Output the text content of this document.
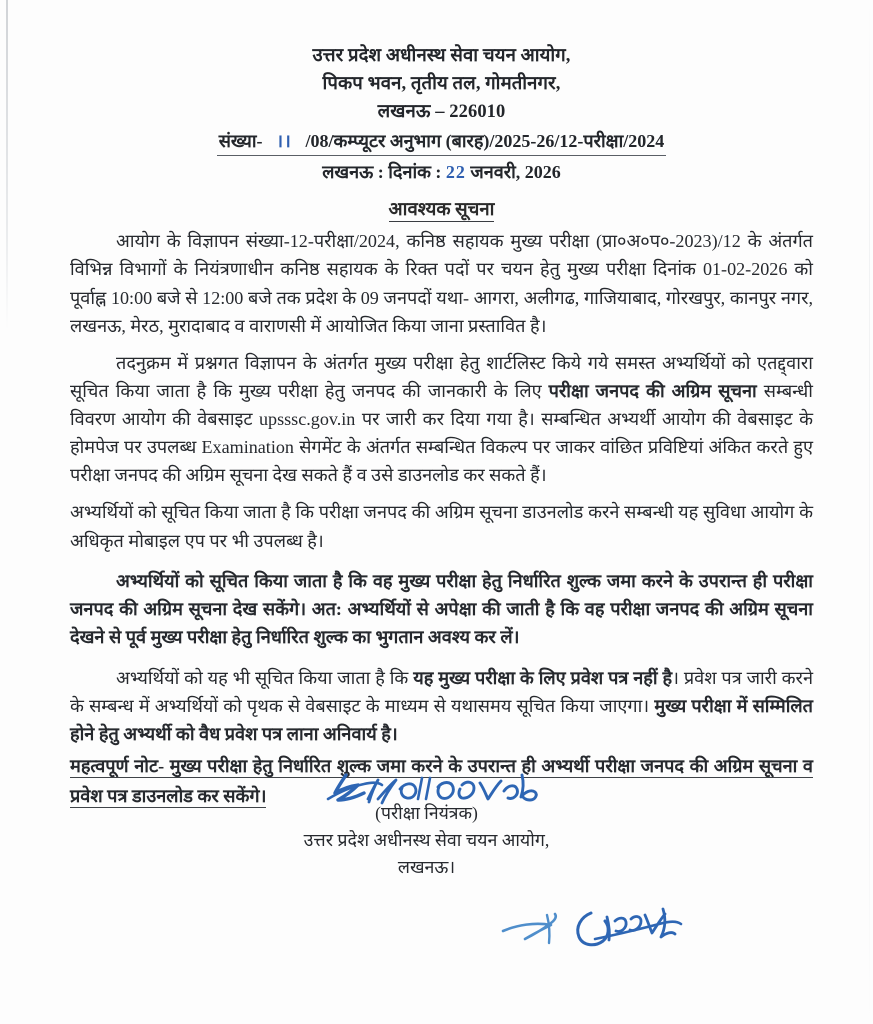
उत्तर प्रदेश अधीनस्थ सेवा चयन आयोग,
पिकप भवन, तृतीय तल, गोमतीनगर,
लखनऊ – 226010
संख्या- ।। /08/कम्प्यूटर अनुभाग (बारह)/2025-26/12-परीक्षा/2024
लखनऊ : दिनांक : 22 जनवरी, 2026
आवश्यक सूचना

आयोग के विज्ञापन संख्या-12-परीक्षा/2024, कनिष्ठ सहायक मुख्य परीक्षा (प्रा०अ०प०-2023)/12 के अंतर्गत विभिन्न विभागों के नियंत्रणाधीन कनिष्ठ सहायक के रिक्त पदों पर चयन हेतु मुख्य परीक्षा दिनांक 01-02-2026 को पूर्वाह्न 10:00 बजे से 12:00 बजे तक प्रदेश के 09 जनपदों यथा- आगरा, अलीगढ, गाजियाबाद, गोरखपुर, कानपुर नगर, लखनऊ, मेरठ, मुरादाबाद व वाराणसी में आयोजित किया जाना प्रस्तावित है।

तदनुक्रम में प्रश्नगत विज्ञापन के अंतर्गत मुख्य परीक्षा हेतु शार्टलिस्ट किये गये समस्त अभ्यर्थियों को एतद्द्वारा सूचित किया जाता है कि मुख्य परीक्षा हेतु जनपद की जानकारी के लिए परीक्षा जनपद की अग्रिम सूचना सम्बन्धी विवरण आयोग की वेबसाइट upsssc.gov.in पर जारी कर दिया गया है। सम्बन्धित अभ्यर्थी आयोग की वेबसाइट के होमपेज पर उपलब्ध Examination सेगमेंट के अंतर्गत सम्बन्धित विकल्प पर जाकर वांछित प्रविष्टियां अंकित करते हुए परीक्षा जनपद की अग्रिम सूचना देख सकते हैं व उसे डाउनलोड कर सकते हैं।

अभ्यर्थियों को सूचित किया जाता है कि परीक्षा जनपद की अग्रिम सूचना डाउनलोड करने सम्बन्धी यह सुविधा आयोग के अधिकृत मोबाइल एप पर भी उपलब्ध है।

अभ्यर्थियों को सूचित किया जाता है कि वह मुख्य परीक्षा हेतु निर्धारित शुल्क जमा करने के उपरान्त ही परीक्षा जनपद की अग्रिम सूचना देख सकेंगे। अत: अभ्यर्थियों से अपेक्षा की जाती है कि वह परीक्षा जनपद की अग्रिम सूचना देखने से पूर्व मुख्य परीक्षा हेतु निर्धारित शुल्क का भुगतान अवश्य कर लें।

अभ्यर्थियों को यह भी सूचित किया जाता है कि यह मुख्य परीक्षा के लिए प्रवेश पत्र नहीं है। प्रवेश पत्र जारी करने के सम्बन्ध में अभ्यर्थियों को पृथक से वेबसाइट के माध्यम से यथासमय सूचित किया जाएगा। मुख्य परीक्षा में सम्मिलित होने हेतु अभ्यर्थी को वैध प्रवेश पत्र लाना अनिवार्य है।

महत्वपूर्ण नोट- मुख्य परीक्षा हेतु निर्धारित शुल्क जमा करने के उपरान्त ही अभ्यर्थी परीक्षा जनपद की अग्रिम सूचना व प्रवेश पत्र डाउनलोड कर सकेंगे।

(परीक्षा नियंत्रक)
उत्तर प्रदेश अधीनस्थ सेवा चयन आयोग,
लखनऊ।
